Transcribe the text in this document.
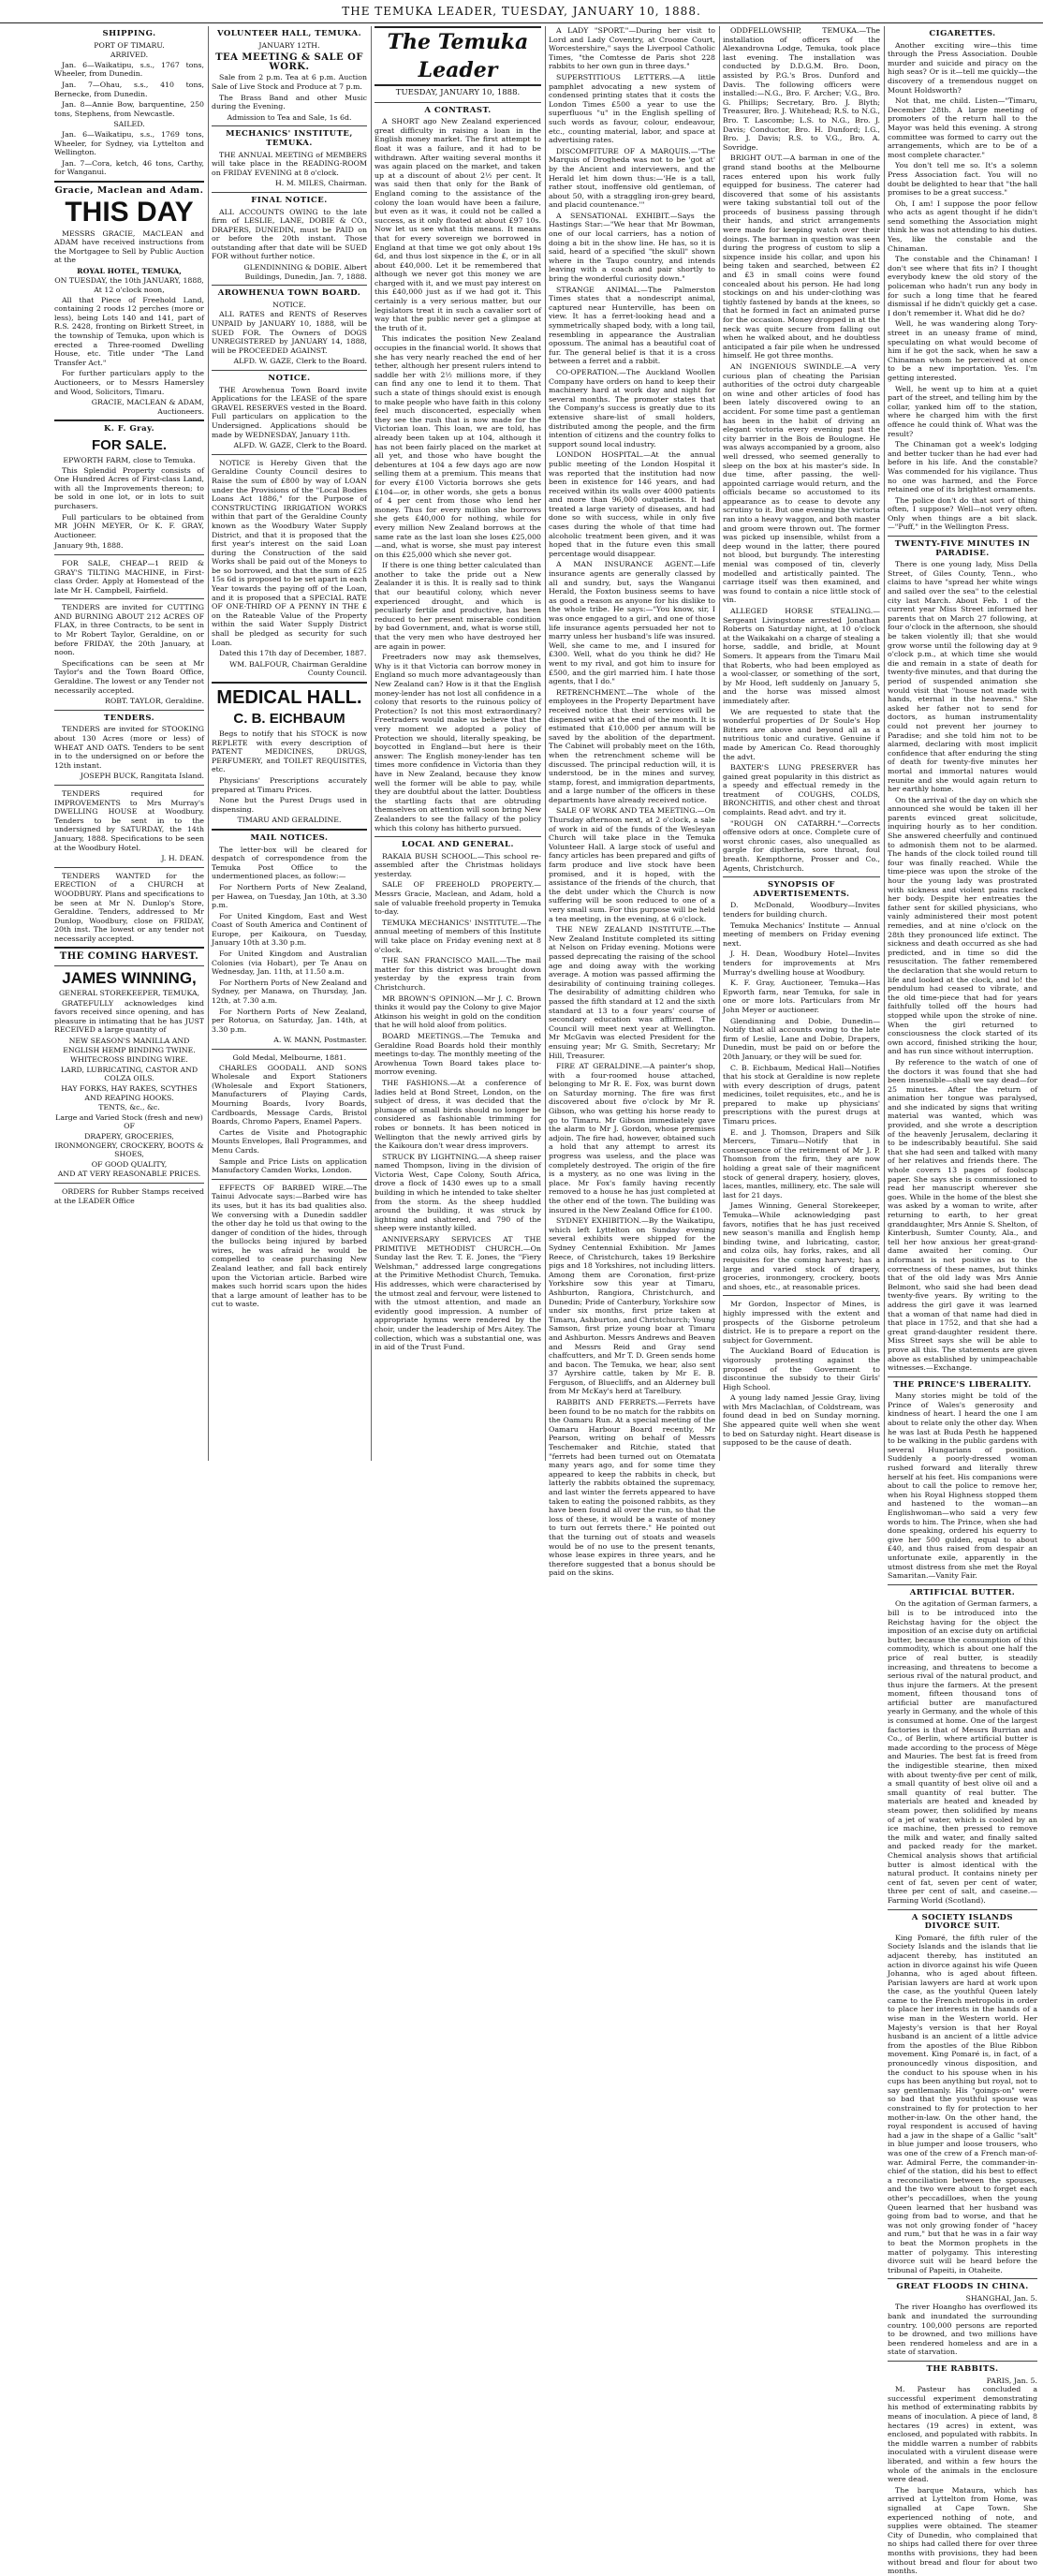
THE TEMUKA LEADER, TUESDAY, JANUARY 10, 1888.
SHIPPING.
PORT OF TIMARU.
ARRIVED.

Jan. 6—Waikatipu, s.s., 1767 tons, Wheeler, from Dunedin.

Jan. 7—Ohau, s.s., 410 tons, Bernecke, from Dunedin.

Jan. 8—Annie Bow, barquentine, 250 tons, Stephens, from Newcastle.

SAILED.

Jan. 6—Waikatipu, s.s., 1769 tons, Wheeler, for Sydney, via Lyttelton and Wellington.

Jan. 7—Cora, ketch, 46 tons, Carthy, for Wanganui.

Gracie, Maclean and Adam.
THIS DAY

MESSRS GRACIE, MACLEAN and ADAM have received instructions from the Mortgagee to Sell by Public Auction at the

ROYAL HOTEL, TEMUKA,
ON TUESDAY, the 10th JANUARY, 1888, At 12 o'clock noon,

All that Piece of Freehold Land, containing 2 roods 12 perches (more or less), being Lots 140 and 141, part of R.S. 2428, fronting on Birkett Street, in the township of Temuka, upon which is erected a Three-roomed Dwelling House, etc. Title under "The Land Transfer Act."

For further particulars apply to the Auctioneers, or to Messrs Hamersley and Wood, Solicitors, Timaru.

GRACIE, MACLEAN & ADAM, Auctioneers.
K. F. Gray.
FOR SALE.
EPWORTH FARM, close to Temuka.

This Splendid Property consists of One Hundred Acres of First-class Land, with all the Improvements thereon; to be sold in one lot, or in lots to suit purchasers.

Full particulars to be obtained from MR JOHN MEYER, Or K. F. GRAY, Auctioneer.

January 9th, 1888.

FOR SALE, CHEAP—1 REID & GRAY'S TILTING MACHINE, in First-class Order. Apply at Homestead of the late Mr H. Campbell, Fairfield.

TENDERS are invited for CUTTING AND BURNING ABOUT 212 ACRES OF FLAX, in three Contracts, to be sent in to Mr Robert Taylor, Geraldine, on or before FRIDAY, the 20th January, at noon.

Specifications can be seen at Mr Taylor's and the Town Board Office, Geraldine. The lowest or any Tender not necessarily accepted.

ROBT. TAYLOR, Geraldine.
TENDERS.

TENDERS are invited for STOOKING about 130 Acres (more or less) of WHEAT AND OATS. Tenders to be sent in to the undersigned on or before the 12th instant.

JOSEPH BUCK, Rangitata Island.

TENDERS required for IMPROVEMENTS to Mrs Murray's DWELLING HOUSE at Woodbury. Tenders to be sent in to the undersigned by SATURDAY, the 14th January, 1888. Specifications to be seen at the Woodbury Hotel.

J. H. DEAN.

TENDERS WANTED for the ERECTION of a CHURCH at WOODBURY. Plans and specifications to be seen at Mr N. Dunlop's Store, Geraldine. Tenders, addressed to Mr Dunlop, Woodbury, close on FRIDAY, 20th inst. The lowest or any tender not necessarily accepted.

THE COMING HARVEST.
JAMES WINNING,
GENERAL STOREKEEPER, TEMUKA,

GRATEFULLY acknowledges kind favors received since opening, and has pleasure in intimating that he has JUST RECEIVED a large quantity of

NEW SEASON'S MANILLA AND ENGLISH HEMP BINDING TWINE.
WHITECROSS BINDING WIRE.
LARD, LUBRICATING, CASTOR AND COLZA OILS.
HAY FORKS, HAY RAKES, SCYTHES AND REAPING HOOKS.
TENTS, &c., &c.
Large and Varied Stock (fresh and new) OF
DRAPERY, GROCERIES, IRONMONGERY, CROCKERY, BOOTS & SHOES,
OF GOOD QUALITY,
AND AT VERY REASONABLE PRICES.

ORDERS for Rubber Stamps received at the LEADER Office

VOLUNTEER HALL, TEMUKA.
JANUARY 12TH.
TEA MEETING & SALE OF WORK.

Sale from 2 p.m. Tea at 6 p.m. Auction Sale of Live Stock and Produce at 7 p.m.

The Brass Band and other Music during the Evening.

Admission to Tea and Sale, 1s 6d.
MECHANICS' INSTITUTE, TEMUKA.

THE ANNUAL MEETING of MEMBERS will take place in the READING-ROOM on FRIDAY EVENING at 8 o'clock.

H. M. MILES, Chairman.
FINAL NOTICE.

ALL ACCOUNTS OWING to the late firm of LESLIE, LANE, DOBIE & CO., DRAPERS, DUNEDIN, must be PAID on or before the 20th instant. Those outstanding after that date will be SUED FOR without further notice.

GLENDINNING & DOBIE. Albert Buildings, Dunedin, Jan. 7, 1888.
AROWHENUA TOWN BOARD.
NOTICE.

ALL RATES and RENTS of Reserves UNPAID by JANUARY 10, 1888, will be SUED FOR. The Owners of DOGS UNREGISTERED by JANUARY 14, 1888, will be PROCEEDED AGAINST.

ALFD. W. GAZE, Clerk to the Board.
NOTICE.

THE Arowhenua Town Board invite Applications for the LEASE of the spare GRAVEL RESERVES vested in the Board. Full particulars on application to the Undersigned. Applications should be made by WEDNESDAY, January 11th.

ALFD. W. GAZE, Clerk to the Board.

NOTICE is Hereby Given that the Geraldine County Council desires to Raise the sum of £800 by way of LOAN under the Provisions of the "Local Bodies Loans Act 1886," for the Purpose of CONSTRUCTING IRRIGATION WORKS within that part of the Geraldine County known as the Woodbury Water Supply District, and that it is proposed that the first year's interest on the said Loan during the Construction of the said Works shall be paid out of the Moneys to be so borrowed, and that the sum of £25 15s 6d is proposed to be set apart in each Year towards the paying off of the Loan, and it is proposed that a SPECIAL RATE OF ONE-THIRD OF A PENNY IN THE £ on the Rateable Value of the Property within the said Water Supply District shall be pledged as security for such Loan.

Dated this 17th day of December, 1887.

WM. BALFOUR, Chairman Geraldine County Council.
MEDICAL HALL.
C. B. EICHBAUM

Begs to notify that his STOCK is now REPLETE with every description of PATENT MEDICINES, DRUGS, PERFUMERY, and TOILET REQUISITES, etc.

Physicians' Prescriptions accurately prepared at Timaru Prices.

None but the Purest Drugs used in dispensing.

TIMARU AND GERALDINE.
MAIL NOTICES.

The letter-box will be cleared for despatch of correspondence from the Temuka Post Office to the undermentioned places, as follow:—

For Northern Ports of New Zealand, per Hawea, on Tuesday, Jan 10th, at 3.30 p.m.

For United Kingdom, East and West Coast of South America and Continent of Europe, per Kaikoura, on Tuesday, January 10th at 3.30 p.m.

For United Kingdom and Australian Colonies (via Hobart), per Te Anau on Wednesday, Jan. 11th, at 11.50 a.m.

For Northern Ports of New Zealand and Sydney, per Manawa, on Thursday, Jan. 12th, at 7.30 a.m.

For Northern Ports of New Zealand, per Rotorua, on Saturday, Jan. 14th, at 3.30 p.m.

A. W. MANN, Postmaster.
Gold Medal, Melbourne, 1881.

CHARLES GOODALL AND SONS Wholesale and Export Stationers (Wholesale and Export Stationers, Manufacturers of Playing Cards, Mourning Boards, Ivory Boards, Cardboards, Message Cards, Bristol Boards, Chromo Papers, Enamel Papers.

Cartes de Visite and Photographic Mounts Envelopes, Ball Programmes, and Menu Cards.

Sample and Price Lists on application Manufactory Camden Works, London.

EFFECTS OF BARBED WIRE.—The Tainui Advocate says:—Barbed wire has its uses, but it has its bad qualities also. We conversing with a Dunedin saddler the other day he told us that owing to the danger of condition of the hides, through the bullocks being injured by barbed wires, he was afraid he would be compelled to cease purchasing New Zealand leather, and fall back entirely upon the Victorian article. Barbed wire makes such horrid scars upon the hides that a large amount of leather has to be cut to waste.

The Temuka Leader
TUESDAY, JANUARY 10, 1888.
A CONTRAST.

A SHORT ago New Zealand experienced great difficulty in raising a loan in the English money market. The first attempt to float it was a failure, and it had to be withdrawn. After waiting several months it was again placed on the market, and taken up at a discount of about 2½ per cent. It was said then that only for the Bank of England coming to the assistance of the colony the loan would have been a failure, but even as it was, it could not be called a success, as it only floated at about £97 10s. Now let us see what this means. It means that for every sovereign we borrowed in England at that time we got only about 19s 6d, and thus lost sixpence in the £, or in all about £40,000. Let it be remembered that although we never got this money we are charged with it, and we must pay interest on this £40,000 just as if we had got it. This certainly is a very serious matter, but our legislators treat it in such a cavalier sort of way that the public never get a glimpse at the truth of it.

This indicates the position New Zealand occupies in the financial world. It shows that she has very nearly reached the end of her tether, although her present rulers intend to saddle her with 2½ millions more, if they can find any one to lend it to them. That such a state of things should exist is enough to make people who have faith in this colony feel much disconcerted, especially when they see the rush that is now made for the Victorian loan. This loan, we are told, has already been taken up at 104, although it has not been fairly placed on the market at all yet, and those who have bought the debentures at 104 a few days ago are now selling them at a premium. This means that for every £100 Victoria borrows she gets £104—or, in other words, she gets a bonus of 4 per cent from those who lend her money. Thus for every million she borrows she gets £40,000 for nothing, while for every million New Zealand borrows at the same rate as the last loan she loses £25,000—and, what is worse, she must pay interest on this £25,000 which she never got.

If there is one thing better calculated than another to take the pride out a New Zealander it is this. It is really sad to think that our beautiful colony, which never experienced drought, and which is peculiarly fertile and productive, has been reduced to her present miserable condition by bad Government, and, what is worse still, that the very men who have destroyed her are again in power.

Freetraders now may ask themselves, Why is it that Victoria can borrow money in England so much more advantageously than New Zealand can? How is it that the English money-lender has not lost all confidence in a colony that resorts to the ruinous policy of Protection? Is not this most extraordinary? Freetraders would make us believe that the very moment we adopted a policy of Protection we should, literally speaking, be boycotted in England—but here is their answer: The English money-lender has ten times more confidence in Victoria than they have in New Zealand, because they know well the former will be able to pay, while they are doubtful about the latter. Doubtless the startling facts that are obtruding themselves on attention will soon bring New Zealanders to see the fallacy of the policy which this colony has hitherto pursued.

LOCAL AND GENERAL.

RAKAIA BUSH SCHOOL.—This school re-assembled after the Christmas holidays yesterday.

SALE OF FREEHOLD PROPERTY.—Messrs Gracie, Maclean, and Adam, hold a sale of valuable freehold property in Temuka to-day.

TEMUKA MECHANICS' INSTITUTE.—The annual meeting of members of this Institute will take place on Friday evening next at 8 o'clock.

THE SAN FRANCISCO MAIL.—The mail matter for this district was brought down yesterday by the express train from Christchurch.

MR BROWN'S OPINION.—Mr J. C. Brown thinks it would pay the Colony to give Major Atkinson his weight in gold on the condition that he will hold aloof from politics.

BOARD MEETINGS.—The Temuka and Geraldine Road Boards hold their monthly meetings to-day. The monthly meeting of the Arowhenua Town Board takes place to-morrow evening.

THE FASHIONS.—At a conference of ladies held at Bond Street, London, on the subject of dress, it was decided that the plumage of small birds should no longer be considered as fashionable trimming for robes or bonnets. It has been noticed in Wellington that the newly arrived girls by the Kaikoura don't wear dress improvers.

STRUCK BY LIGHTNING.—A sheep raiser named Thompson, living in the division of Victoria West, Cape Colony, South Africa, drove a flock of 1430 ewes up to a small building in which he intended to take shelter from the storm. As the sheep huddled around the building, it was struck by lightning and shattered, and 790 of the sheep were instantly killed.

ANNIVERSARY SERVICES AT THE PRIMITIVE METHODIST CHURCH.—On Sunday last the Rev. T. E. Jones, the "Fiery Welshman," addressed large congregations at the Primitive Methodist Church, Temuka. His addresses, which were characterised by the utmost zeal and fervour, were listened to with the utmost attention, and made an evidently good impression. A number of appropriate hymns were rendered by the choir, under the leadership of Mrs Aitey. The collection, which was a substantial one, was in aid of the Trust Fund.

A LADY "SPORT."—During her visit to Lord and Lady Coventry, at Croome Court, Worcestershire," says the Liverpool Catholic Times, "the Comtesse de Paris shot 228 rabbits to her own gun in three days."

SUPERSTITIOUS LETTERS.—A little pamphlet advocating a new system of condensed printing states that it costs the London Times £500 a year to use the superfluous "u" in the English spelling of such words as favour, colour, endeavour, etc., counting material, labor, and space at advertising rates.

DISCOMFITURE OF A MARQUIS.—"The Marquis of Drogheda was not to be 'got at' by the Ancient and interviewers, and the Herald let him down thus:—'He is a tall, rather stout, inoffensive old gentleman, of about 50, with a straggling iron-grey beard, and placid countenance.'"

A SENSATIONAL EXHIBIT.—Says the Hastings Star:—"We hear that Mr Bowman, one of our local carriers, has a notion of doing a bit in the show line. He has, so it is said, heard of a specified "the skull" shown where in the Taupo country, and intends leaving with a coach and pair shortly to bring the wonderful curiosity down."

STRANGE ANIMAL.—The Palmerston Times states that a nondescript animal, captured near Hunterville, has been on view. It has a ferret-looking head and a symmetrically shaped body, with a long tail, resembling in appearance the Australian opossum. The animal has a beautiful coat of fur. The general belief is that it is a cross between a ferret and a rabbit.

CO-OPERATION.—The Auckland Woollen Company have orders on hand to keep their machinery hard at work day and night for several months. The promoter states that the Company's success is greatly due to its extensive share-list of small holders, distributed among the people, and the firm intention of citizens and the country folks to support sound local industry.

LONDON HOSPITAL.—At the annual public meeting of the London Hospital it was reported that the institution had now been in existence for 146 years, and had received within its walls over 4000 patients and more than 96,000 outpatients. It had treated a large variety of diseases, and had done so with success, while in only five cases during the whole of that time had alcoholic treatment been given, and it was hoped that in the future even this small percentage would disappear.

A MAN INSURANCE AGENT.—Life insurance agents are generally classed by all and sundry, but, says the Wanganui Herald, the Foxton business seems to have as good a reason as anyone for his dislike to the whole tribe. He says:—"You know, sir, I was once engaged to a girl, and one of those life insurance agents persuaded her not to marry unless her husband's life was insured. Well, she came to me, and I insured for £300. Well, what do you think he did? He went to my rival, and got him to insure for £500, and the girl married him. I hate those agents, that I do."

RETRENCHMENT.—The whole of the employees in the Property Department have received notice that their services will be dispensed with at the end of the month. It is estimated that £10,000 per annum will be saved by the abolition of the department. The Cabinet will probably meet on the 16th, when the retrenchment scheme will be discussed. The principal reduction will, it is understood, be in the mines and survey, stamp, forest, and immigration departments, and a large number of the officers in these departments have already received notice.

SALE OF WORK AND TEA MEETING.—On Thursday afternoon next, at 2 o'clock, a sale of work in aid of the funds of the Wesleyan Church will take place in the Temuka Volunteer Hall. A large stock of useful and fancy articles has been prepared and gifts of farm produce and live stock have been promised, and it is hoped, with the assistance of the friends of the church, that the debt under which the Church is now suffering will be soon reduced to one of a very small sum. For this purpose will be held a tea meeting, in the evening, at 6 o'clock.

THE NEW ZEALAND INSTITUTE.—The New Zealand Institute completed its sitting at Nelson on Friday evening. Motions were passed deprecating the raising of the school age and doing away with the working average. A motion was passed affirming the desirability of continuing training colleges. The desirability of admitting children who passed the fifth standard at 12 and the sixth standard at 13 to a four years' course of secondary education was affirmed. The Council will meet next year at Wellington. Mr McGavin was elected President for the ensuing year; Mr G. Smith, Secretary; Mr Hill, Treasurer.

FIRE AT GERALDINE.—A painter's shop, with a four-roomed house attached, belonging to Mr R. E. Fox, was burnt down on Saturday morning. The fire was first discovered about five o'clock by Mr R. Gibson, who was getting his horse ready to go to Timaru. Mr Gibson immediately gave the alarm to Mr J. Gordon, whose premises adjoin. The fire had, however, obtained such a hold that any attempt to arrest its progress was useless, and the place was completely destroyed. The origin of the fire is a mystery, as no one was living in the place. Mr Fox's family having recently removed to a house he has just completed at the other end of the town. The building was insured in the New Zealand Office for £100.

SYDNEY EXHIBITION.—By the Waikatipu, which left Lyttelton on Sunday evening several exhibits were shipped for the Sydney Centennial Exhibition. Mr James Reece, of Christchurch, takes 19 Berkshire pigs and 18 Yorkshires, not including litters. Among them are Coronation, first-prize Yorkshire sow this year at Timaru, Ashburton, Rangiora, Christchurch, and Dunedin; Pride of Canterbury, Yorkshire sow under six months, first prize taken at Timaru, Ashburton, and Christchurch; Young Samson, first prize young boar at Timaru and Ashburton. Messrs Andrews and Beaven and Messrs Reid and Gray send chaffcutters, and Mr T. D. Green sends home and bacon. The Temuka, we hear, also sent 37 Ayrshire cattle, taken by Mr E. B. Ferguson, of Bluecliffs, and an Alderney bull from Mr McKay's herd at Tarelbury.

RABBITS AND FERRETS.—Ferrets have been found to be no match for the rabbits on the Oamaru Run. At a special meeting of the Oamaru Harbour Board recently, Mr Pearson, writing on behalf of Messrs Teschemaker and Ritchie, stated that "ferrets had been turned out on Otematata many years ago, and for some time they appeared to keep the rabbits in check, but latterly the rabbits obtained the supremacy, and last winter the ferrets appeared to have taken to eating the poisoned rabbits, as they have been found all over the run, so that the loss of these, it would be a waste of money to turn out ferrets there." He pointed out that the turning out of stoats and weasels would be of no use to the present tenants, whose lease expires in three years, and he therefore suggested that a bonus should be paid on the skins.

ODDFELLOWSHIP, TEMUKA.—The installation of officers of the Alexandrovna Lodge, Temuka, took place last evening. The installation was conducted by D.D.G.M. Bro. Doon, assisted by P.G.'s Bros. Dunford and Davis. The following officers were installed:—N.G., Bro. F. Archer; V.G., Bro. G. Phillips; Secretary, Bro. J. Blyth; Treasurer, Bro. J. Whitehead; R.S. to N.G., Bro. T. Lascombe; L.S. to N.G., Bro. J. Davis; Conductor, Bro. H. Dunford; I.G., Bro. J. Davis; R.S. to V.G., Bro. A. Sovridge.

BRIGHT OUT.—A barman in one of the grand stand booths at the Melbourne races entered upon his work fully equipped for business. The caterer had discovered that some of his assistants were taking substantial toll out of the proceeds of business passing through their hands, and strict arrangements were made for keeping watch over their doings. The barman in question was seen during the progress of custom to slip a sixpence inside his collar, and upon his being taken and searched, between £2 and £3 in small coins were found concealed about his person. He had long stockings on and his under-clothing was tightly fastened by bands at the knees, so that he formed in fact an animated purse for the occasion. Money dropped in at the neck was quite secure from falling out when he walked about, and he doubtless anticipated a fair pile when he undressed himself. He got three months.

AN INGENIOUS SWINDLE.—A very curious plan of cheating the Parisian authorities of the octroi duty chargeable on wine and other articles of food has been lately discovered owing to an accident. For some time past a gentleman has been in the habit of driving an elegant victoria every evening past the city barrier in the Bois de Boulogne. He was always accompanied by a groom, also well dressed, who seemed generally to sleep on the box at his master's side. In due time, after passing, the well-appointed carriage would return, and the officials became so accustomed to its appearance as to cease to devote any scrutiny to it. But one evening the victoria ran into a heavy waggon, and both master and groom were thrown out. The former was picked up insensible, whilst from a deep wound in the latter, there poured not blood, but burgundy. The interesting menial was composed of tin, cleverly modelled and artistically painted. The carriage itself was then examined, and was found to contain a nice little stock of vin.

ALLEGED HORSE STEALING.—Sergeant Livingstone arrested Jonathan Roberts on Saturday night, at 10 o'clock at the Waikakahi on a charge of stealing a horse, saddle, and bridle, at Mount Somers. It appears from the Timaru Mail that Roberts, who had been employed as a wool-classer, or something of the sort, by Mr Hood, left suddenly on January 5, and the horse was missed almost immediately after.

We are requested to state that the wonderful properties of Dr Soule's Hop Bitters are above and beyond all as a nutritious tonic and curative. Genuine if made by American Co. Read thoroughly the advt.

BAXTER'S LUNG PRESERVER has gained great popularity in this district as a speedy and effectual remedy in the treatment of COUGHS, COLDS, BRONCHITIS, and other chest and throat complaints. Read advt. and try it.

"ROUGH ON CATARRH."—Corrects offensive odors at once. Complete cure of worst chronic cases, also unequalled as gargle for diptheria, sore throat, foul breath. Kempthorne, Prosser and Co., Agents, Christchurch.

SYNOPSIS OF ADVERTISEMENTS.

D. McDonald, Woodbury—Invites tenders for building church.

Temuka Mechanics' Institute — Annual meeting of members on Friday evening next.

J. H. Dean, Woodbury Hotel—Invites tenders for improvements at Mrs Murray's dwelling house at Woodbury.

K. F. Gray, Auctioneer, Temuka—Has Epworth farm, near Temuka, for sale in one or more lots. Particulars from Mr John Meyer or auctioneer.

Glendinning and Dobie, Dunedin—Notify that all accounts owing to the late firm of Leslie, Lane and Dobie, Drapers, Dunedin, must be paid on or before the 20th January, or they will be sued for.

C. B. Eichbaum, Medical Hall—Notifies that his stock at Geraldine is now replete with every description of drugs, patent medicines, toilet requisites, etc., and he is prepared to make up physicians' prescriptions with the purest drugs at Timaru prices.

E. and J. Thomson, Drapers and Silk Mercers, Timaru—Notify that in consequence of the retirement of Mr J. P. Thomson from the firm, they are now holding a great sale of their magnificent stock of general drapery, hosiery, gloves, laces, mantles, millinery, etc. The sale will last for 21 days.

James Winning, General Storekeeper, Temuka—While acknowledging past favors, notifies that he has just received new season's manilla and English hemp binding twine, and lubricating, castor, and colza oils, hay forks, rakes, and all requisites for the coming harvest; has a large and varied stock of drapery, groceries, ironmongery, crockery, boots and shoes, etc., at reasonable prices.

Mr Gordon, Inspector of Mines, is highly impressed with the extent and prospects of the Gisborne petroleum district. He is to prepare a report on the subject for Government.

The Auckland Board of Education is vigorously protesting against the proposed of the Government to discontinue the subsidy to their Girls' High School.

A young lady named Jessie Gray, living with Mrs Maclachlan, of Coldstream, was found dead in bed on Sunday morning. She appeared quite well when she went to bed on Saturday night. Heart disease is supposed to be the cause of death.

CIGARETTES.

Another exciting wire—this time through the Press Association. Double murder and suicide and piracy on the high seas? Or is it—tell me quickly—the discovery of a tremendous nugget on Mount Holdsworth?

Not that, me child. Listen—"Timaru, December 28th. A large meeting of promoters of the return hall to the Mayor was held this evening. A strong committee was formed to carry out the arrangements, which are to be of a most complete character."

You don't tell me so. It's a solemn Press Association fact. You will no doubt be delighted to hear that "the hall promises to be a great success."

Oh, I am! I suppose the poor fellow who acts as agent thought if he didn't send something the Association might think he was not attending to his duties. Yes, like the constable and the Chinaman.

The constable and the Chinaman! I don't see where that fits in? I thought everybody knew the old story of the policeman who hadn't run any body in for such a long time that he feared dismissal if he didn't quickly get a case. I don't remember it. What did he do?

Well, he was wandering along Tory-street in an uneasy frame of mind, speculating on what would become of him if he got the sack, when he saw a Chinaman whom he perceived at once to be a new importation. Yes. I'm getting interested.

Well, he went up to him at a quiet part of the street, and telling him by the collar, yanked him off to the station, where he charged him with the first offence he could think of. What was the result?

The Chinaman got a week's lodging and better tucker than he had ever had before in his life. And the constable? Was commended for his vigilance. Thus no one was harmed, and the Force retained one of its brightest ornaments.

The police don't do that sort of thing often, I suppose? Well—not very often. Only when things are a bit slack.—"Puff," in the Wellington Press.

TWENTY-FIVE MINUTES IN PARADISE.

There is one young lady, Miss Della Street, of Giles County, Tenn., who claims to have "spread her white wings and sailed over the sea" to the celestial city last March. About Feb. 1 of the current year Miss Street informed her parents that on March 27 following, at four o'clock in the afternoon, she should be taken violently ill; that she would grow worse until the following day at 9 o'clock p.m., at which time she would die and remain in a state of death for twenty-five minutes, and that during the period of suspended animation she would visit that "house not made with hands, eternal in the heavens." She asked her father not to send for doctors, as human instrumentality could not prevent her journey to Paradise; and she told him not to be alarmed, declaring with most implicit confidence that after enduring the sting of death for twenty-five minutes her mortal and immortal natures would reunite and she would again return to her earthly home.

On the arrival of the day on which she announced she would be taken ill her parents evinced great solicitude, inquiring hourly as to her condition. She answered cheerfully and continued to admonish them not to be alarmed. The hands of the clock toiled round till four was finally reached. While the time-piece was upon the stroke of the hour the young lady was prostrated with sickness and violent pains racked her body. Despite her entreaties the father sent for skilled physicians, who vainly administered their most potent remedies, and at nine o'clock on the 28th they pronounced life extinct. The sickness and death occurred as she had predicted, and in time so did the resuscitation. The father remembered the declaration that she would return to life and looked at the clock, and lo! the pendulum had ceased to vibrate, and the old time-piece that had for years faithfully tolled off the hours had stopped while upon the stroke of nine. When the girl returned to consciousness the clock started of its own accord, finished striking the hour, and has run since without interruption.

By reference to the watch of one of the doctors it was found that she had been insensible—shall we say dead—for 25 minutes. After the return of animation her tongue was paralysed, and she indicated by signs that writing material was wanted, which was provided, and she wrote a description of the heavenly Jerusalem, declaring it to be indescribably beautiful. She said that she had seen and talked with many of her relatives and friends there. The whole covers 13 pages of foolscap paper. She says she is commissioned to read her manuscript wherever she goes. While in the home of the blest she was asked by a woman to write, after returning to earth, to her great granddaughter, Mrs Annie S. Shelton, of Kinterbush, Sumter County, Ala., and tell her how anxious her great-grand-dame awaited her coming. Our informant is not positive as to the correctness of these names, but thinks that of the old lady was Mrs Annie Belmont, who said she had been dead twenty-five years. By writing to the address the girl gave it was learned that a woman of that name had died in that place in 1752, and that she had a great grand-daughter resident there. Miss Street says she will be able to prove all this. The statements are given above as established by unimpeachable witnesses.—Exchange.

THE PRINCE'S LIBERALITY.

Many stories might be told of the Prince of Wales's generosity and kindness of heart. I heard the one I am about to relate only the other day. When he was last at Buda Pesth he happened to be walking in the public gardens with several Hungarians of position. Suddenly a poorly-dressed woman rushed forward and literally threw herself at his feet. His companions were about to call the police to remove her, when his Royal Highness stopped them and hastened to the woman—an Englishwoman—who said a very few words to him. The Prince, when she had done speaking, ordered his equerry to give her 500 gulden, equal to about £40, and thus raised from despair an unfortunate exile, apparently in the utmost distress from she met the Royal Samaritan.—Vanity Fair.

ARTIFICIAL BUTTER.

On the agitation of German farmers, a bill is to be introduced into the Reichstag having for the object the imposition of an excise duty on artificial butter, because the consumption of this commodity, which is about one half the price of real butter, is steadily increasing, and threatens to become a serious rival of the natural product, and thus injure the farmers. At the present moment, fifteen thousand tons of artificial butter are manufactured yearly in Germany, and the whole of this is consumed at home. One of the largest factories is that of Messrs Burrian and Co., of Berlin, where artificial butter is made according to the process of Mège and Mauries. The best fat is freed from the indigestible stearine, then mixed with about twenty-five per cent of milk, a small quantity of best olive oil and a small quantity of real butter. The materials are heated and kneaded by steam power, then solidified by means of a jet of water, which is cooled by an ice machine, then pressed to remove the milk and water, and finally salted and packed ready for the market. Chemical analysis shows that artificial butter is almost identical with the natural product. It contains ninety per cent of fat, seven per cent of water, three per cent of salt, and caseine.—Farming World (Scotland).

A SOCIETY ISLANDS DIVORCE SUIT.

King Pomaré, the fifth ruler of the Society Islands and the islands that lie adjacent thereby, has instituted an action in divorce against his wife Queen Johanna, who is aged about fifteen. Parisian lawyers are hard at work upon the case, as the youthful Queen lately came to the French metropolis in order to place her interests in the hands of a wise man in the Western world. Her Majesty's version is that her Royal husband is an ancient of a little advice from the apostles of the Blue Ribbon movement. King Pomaré is, in fact, of a pronouncedly vinous disposition, and the conduct to his spouse when in his cups has been anything but royal, not to say gentlemanly. His "goings-on" were so bad that the youthful spouse was constrained to fly for protection to her mother-in-law. On the other hand, the royal respondent is accused of having had a jaw in the shape of a Gallic "salt" in blue jumper and loose trousers, who was one of the crew of a French man-of-war. Admiral Ferre, the commander-in-chief of the station, did his best to effect a reconciliation between the spouses, and the two were about to forget each other's peccadilloes, when the young Queen learned that her husband was going from bad to worse, and that he was not only growing fonder of "hacey and rum," but that he was in a fair way to beat the Mormon prophets in the matter of polygamy. This interesting divorce suit will be heard before the tribunal of Papeiti, in Otaheite.

GREAT FLOODS IN CHINA.
SHANGHAI, Jan. 5.

The river Hoangho has overflowed its bank and inundated the surrounding country. 100,000 persons are reported to be drowned, and two millions have been rendered homeless and are in a state of starvation.

THE RABBITS.
PARIS, Jan. 5.

M. Pasteur has concluded a successful experiment demonstrating his method of exterminating rabbits by means of inoculation. A piece of land, 8 hectares (19 acres) in extent, was enclosed, and populated with rabbits. In the middle warren a number of rabbits inoculated with a virulent disease were liberated, and within a few hours the whole of the animals in the enclosure were dead.

The barque Mataura, which has arrived at Lyttelton from Home, was signalled at Cape Town. She experienced nothing of note, and supplies were obtained. The steamer City of Dunedin, who complained that no ships had called there for over three months with provisions, they had been without bread and flour for about two months.
